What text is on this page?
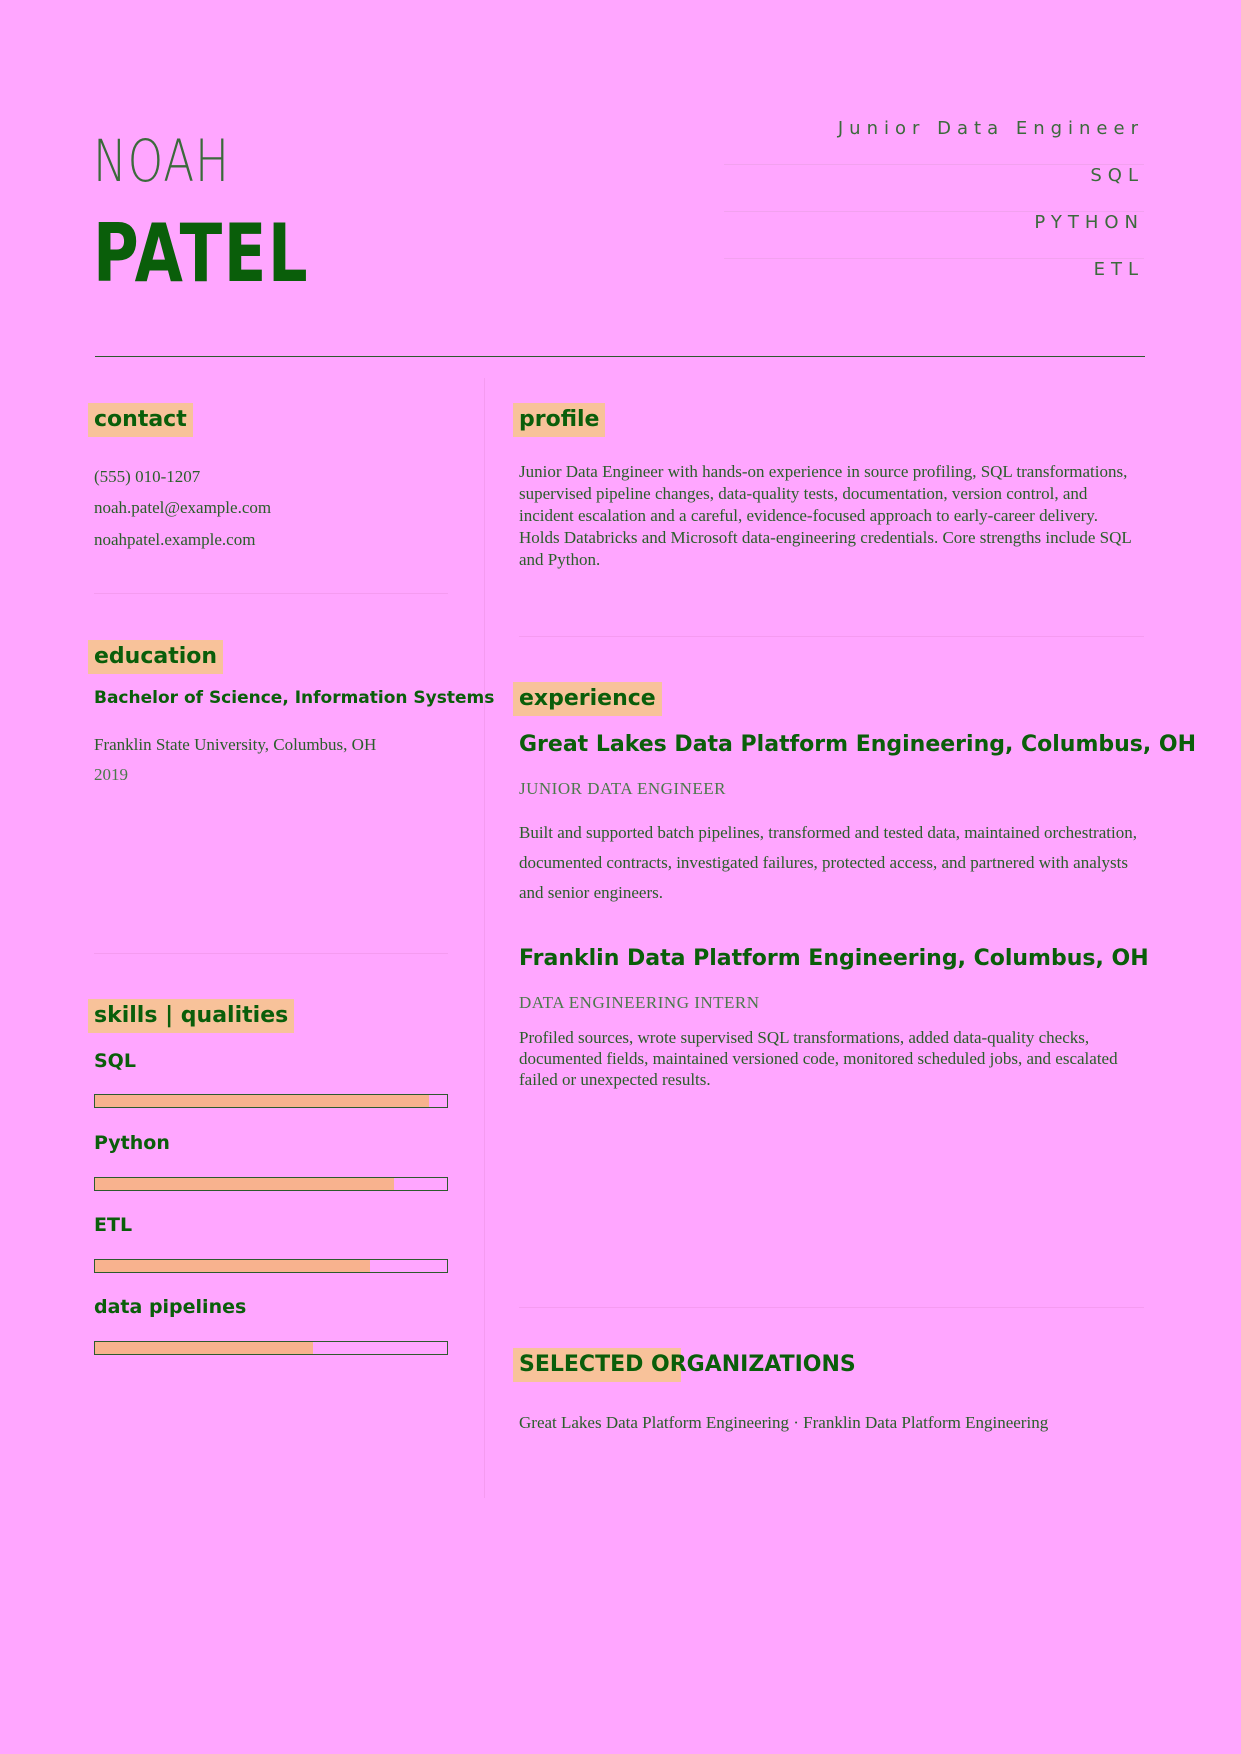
NOAH
PATEL
Junior Data Engineer
SQL
PYTHON
ETL
contact
(555) 010-1207
noah.patel@example.com
noahpatel.example.com
education
Bachelor of Science, Information Systems
Franklin State University, Columbus, OH
2019
skills | qualities
SQL
Python
ETL
data pipelines
profile
Junior Data Engineer with hands-on experience in source profiling, SQL transformations, supervised pipeline changes, data-quality tests, documentation, version control, and incident escalation and a careful, evidence-focused approach to early-career delivery. Holds Databricks and Microsoft data-engineering credentials. Core strengths include SQL and Python.
experience
Great Lakes Data Platform Engineering, Columbus, OH
JUNIOR DATA ENGINEER
Built and supported batch pipelines, transformed and tested data, maintained orchestration, documented contracts, investigated failures, protected access, and partnered with analysts and senior engineers.
Franklin Data Platform Engineering, Columbus, OH
DATA ENGINEERING INTERN
Profiled sources, wrote supervised SQL transformations, added data-quality checks, documented fields, maintained versioned code, monitored scheduled jobs, and escalated failed or unexpected results.
SELECTED ORGANIZATIONS
Great Lakes Data Platform Engineering · Franklin Data Platform Engineering
